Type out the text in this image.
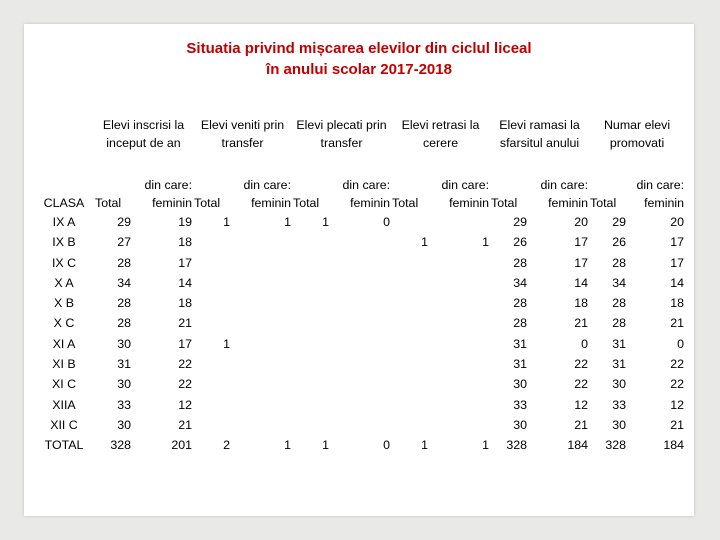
Situatia privind mișcarea elevilor din ciclul liceal
în anului scolar 2017-2018
	Elevi inscrisi la inceput de an		Elevi veniti prin transfer		Elevi plecati prin transfer		Elevi retrasi la cerere		Elevi ramasi la sfarsitul anului		Numar elevi promovati	
CLASA	Total	din care: feminin	Total	din care: feminin	Total	din care: feminin	Total	din care: feminin	Total	din care: feminin	Total	din care: feminin
IX A	29	19	1	1	1	0			29	20	29	20
IX B	27	18					1	1	26	17	26	17
IX C	28	17							28	17	28	17
X A	34	14							34	14	34	14
X B	28	18							28	18	28	18
X C	28	21							28	21	28	21
XI A	30	17	1						31	0	31	0
XI B	31	22							31	22	31	22
XI C	30	22							30	22	30	22
XIIA	33	12							33	12	33	12
XII C	30	21							30	21	30	21
TOTAL	328	201	2	1	1	0	1	1	328	184	328	184
